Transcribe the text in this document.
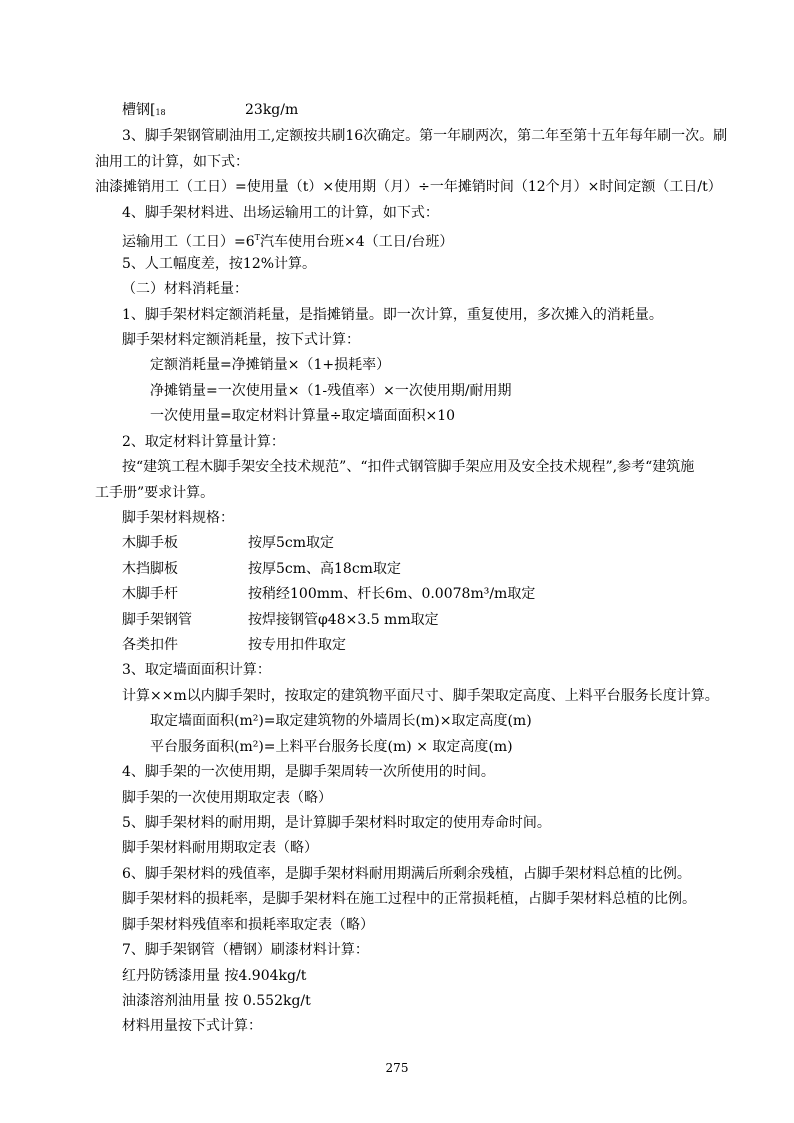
槽钢[$_{18}$	23kg/m
3、脚手架钢管刷油用工,定额按共刷16次确定。第一年刷两次，第二年至第十五年每年刷一次。刷
油用工的计算，如下式：
油漆摊销用工（工日）=使用量（t）×使用期（月）÷一年摊销时间（12个月）×时间定额（工日/t）
4、脚手架材料进、出场运输用工的计算，如下式：
运输用工（工日）$=6^T$汽车使用台班×4（工日/台班）
5、人工幅度差，按12%计算。
（二）材料消耗量：
1、脚手架材料定额消耗量，是指摊销量。即一次计算，重复使用，多次摊入的消耗量。
脚手架材料定额消耗量，按下式计算：
定额消耗量=净摊销量×（1+损耗率）
净摊销量=一次使用量×（1-残值率）×一次使用期/耐用期
一次使用量=取定材料计算量÷取定墙面面积×10
2、取定材料计算量计算：
按“建筑工程木脚手架安全技术规范”、“扣件式钢管脚手架应用及安全技术规程”,参考“建筑施
工手册”要求计算。
脚手架材料规格：
木脚手板	按厚5cm取定
木挡脚板	按厚5cm、高18cm取定
木脚手杆	按稍经100mm、杆长6m、0.0078m³/m取定
脚手架钢管	按焊接钢管φ48×3.5 mm取定
各类扣件	按专用扣件取定
3、取定墙面面积计算：
计算××m以内脚手架时，按取定的建筑物平面尺寸、脚手架取定高度、上料平台服务长度计算。
取定墙面面积(m²)=取定建筑物的外墙周长(m)×取定高度(m)
平台服务面积(m²)=上料平台服务长度(m) × 取定高度(m)
4、脚手架的一次使用期，是脚手架周转一次所使用的时间。
脚手架的一次使用期取定表（略）
5、脚手架材料的耐用期，是计算脚手架材料时取定的使用寿命时间。
脚手架材料耐用期取定表（略）
6、脚手架材料的残值率，是脚手架材料耐用期满后所剩余残植，占脚手架材料总植的比例。
脚手架材料的损耗率，是脚手架材料在施工过程中的正常损耗植，占脚手架材料总植的比例。
脚手架材料残值率和损耗率取定表（略）
7、脚手架钢管（槽钢）刷漆材料计算：
红丹防锈漆用量 按4.904kg/t
油漆溶剂油用量 按 0.552kg/t
材料用量按下式计算：
275
